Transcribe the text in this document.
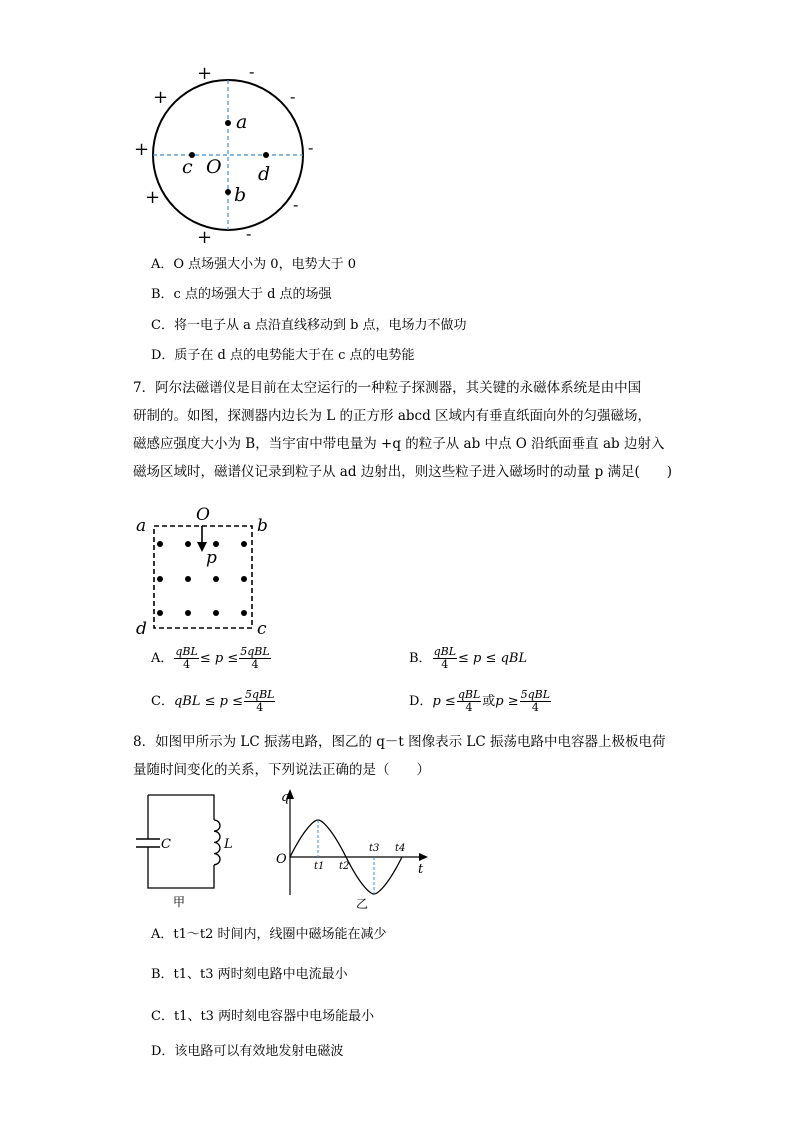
a
b
c O d
+
+
+
+
+
-
-
-
-
-
A．O 点场强大小为 0，电势大于 0
B．c 点的场强大于 d 点的场强
C．将一电子从 a 点沿直线移动到 b 点，电场力不做功
D．质子在 d 点的电势能大于在 c 点的电势能
7．阿尔法磁谱仪是目前在太空运行的一种粒子探测器，其关键的永磁体系统是由中国
研制的。如图，探测器内边长为 L 的正方形 abcd 区域内有垂直纸面向外的匀强磁场，
磁感应强度大小为 B，当宇宙中带电量为 +q 的粒子从 ab 中点 O 沿纸面垂直 ab 边射入
磁场区域时，磁谱仪记录到粒子从 ad 边射出，则这些粒子进入磁场时的动量 p 满足(　　)
a	b
d	c
O
p
A． $\frac{\text{qBL}}{4} \le p \le \frac{\text{5qBL}}{4}$	B． $\frac{\text{qBL}}{4} \le p$ ≤ qBL
C．qBL ≤ $p \le \frac{\text{5qBL}}{4}$	D．$p \le \frac{\text{qBL}}{4}$ 或$p \ge \frac{\text{5qBL}}{4}$
8．如图甲所示为 LC 振荡电路，图乙的 q－t 图像表示 LC 振荡电路中电容器上极板电荷
量随时间变化的关系，下列说法正确的是（　　）
C	L
甲
q
t
O	t1 t2
t3 t4
乙
A．t1～t2 时间内，线圈中磁场能在减少
B．t1、t3 两时刻电路中电流最小
C．t1、t3 两时刻电容器中电场能最小
D．该电路可以有效地发射电磁波
